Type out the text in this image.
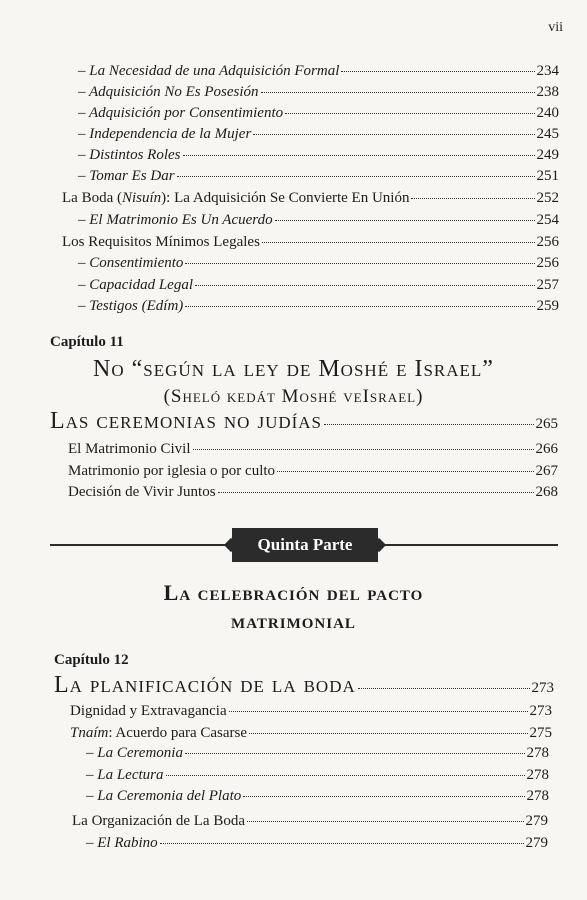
vii
– La Necesidad de una Adquisición Formal	234
– Adquisición No Es Posesión	238
– Adquisición por Consentimiento	240
– Independencia de la Mujer	245
– Distintos Roles	249
– Tomar Es Dar	251
La Boda (Nisuín): La Adquisición Se Convierte En Unión	252
– El Matrimonio Es Un Acuerdo	254
Los Requisitos Mínimos Legales	256
– Consentimiento	256
– Capacidad Legal	257
– Testigos (Edím)	259
Capítulo 11
No “según la ley de Moshé e Israel”
(Sheló kedát Moshé veIsrael)
Las ceremonias no judías	265
El Matrimonio Civil	266
Matrimonio por iglesia o por culto	267
Decisión de Vivir Juntos	268
Quinta Parte
La celebración del pacto
matrimonial
Capítulo 12
La planificación de la boda	273
Dignidad y Extravagancia	273
Tnaím: Acuerdo para Casarse	275
– La Ceremonia	278
– La Lectura	278
– La Ceremonia del Plato	278
La Organización de La Boda	279
– El Rabino	279
